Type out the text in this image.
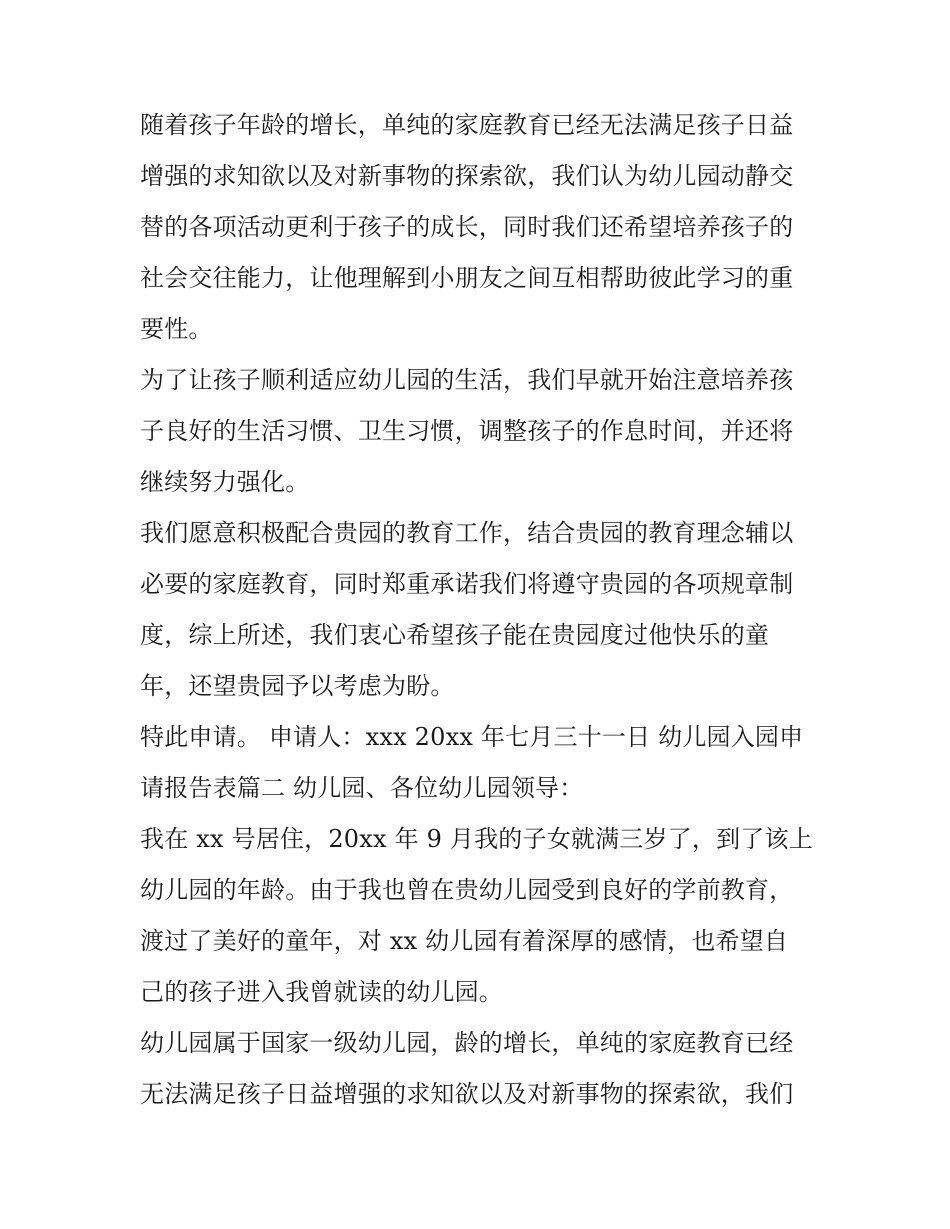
随着孩子年龄的增长，单纯的家庭教育已经无法满足孩子日益
增强的求知欲以及对新事物的探索欲，我们认为幼儿园动静交
替的各项活动更利于孩子的成长，同时我们还希望培养孩子的
社会交往能力，让他理解到小朋友之间互相帮助彼此学习的重
要性。
为了让孩子顺利适应幼儿园的生活，我们早就开始注意培养孩
子良好的生活习惯、卫生习惯，调整孩子的作息时间，并还将
继续努力强化。
我们愿意积极配合贵园的教育工作，结合贵园的教育理念辅以
必要的家庭教育，同时郑重承诺我们将遵守贵园的各项规章制
度，综上所述，我们衷心希望孩子能在贵园度过他快乐的童
年，还望贵园予以考虑为盼。
特此申请。 申请人：xxx 20xx 年七月三十一日 幼儿园入园申
请报告表篇二 幼儿园、各位幼儿园领导：
我在 xx 号居住，20xx 年 9 月我的子女就满三岁了，到了该上
幼儿园的年龄。由于我也曾在贵幼儿园受到良好的学前教育，
渡过了美好的童年，对 xx 幼儿园有着深厚的感情，也希望自
己的孩子进入我曾就读的幼儿园。
幼儿园属于国家一级幼儿园，龄的增长，单纯的家庭教育已经
无法满足孩子日益增强的求知欲以及对新事物的探索欲，我们
